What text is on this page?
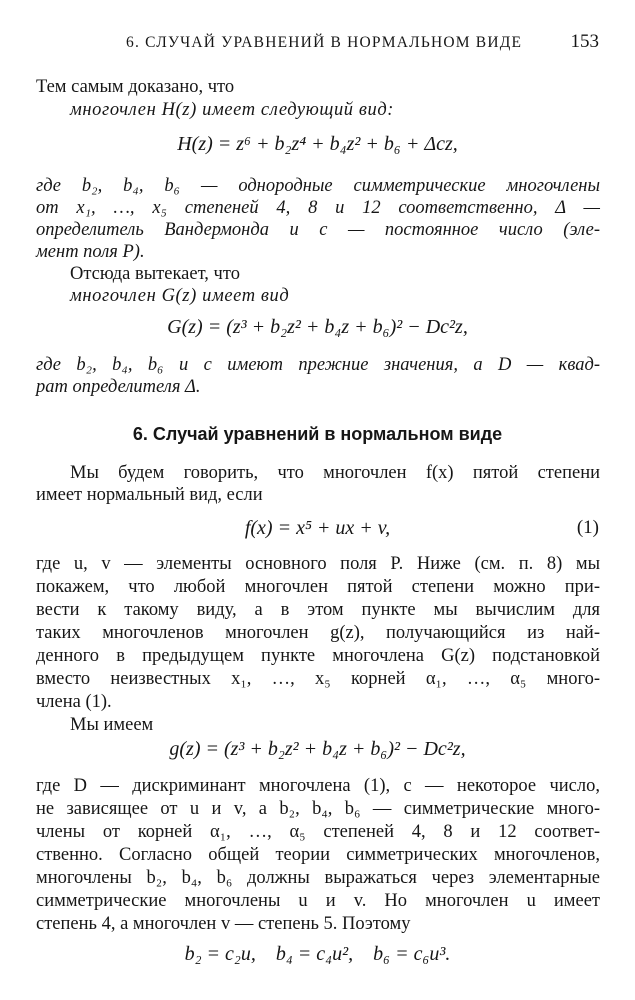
6. СЛУЧАЙ УРАВНЕНИЙ В НОРМАЛЬНОМ ВИДЕ	153
Тем самым доказано, что
многочлен H(z) имеет следующий вид:
H(z) = z⁶ + b₂z⁴ + b₄z² + b₆ + Δcz,
где b₂, b₄, b₆ — однородные симметрические многочлены
от x₁, …, x₅ степеней 4, 8 и 12 соответственно, Δ —
определитель Вандермонда и c — постоянное число (эле-
мент поля P).
Отсюда вытекает, что
многочлен G(z) имеет вид
G(z) = (z³ + b₂z² + b₄z + b₆)² − Dc²z,
где b₂, b₄, b₆ и c имеют прежние значения, а D — квад-
рат определителя Δ.
6. Случай уравнений в нормальном виде
Мы будем говорить, что многочлен f(x) пятой степени
имеет нормальный вид, если
f(x) = x⁵ + ux + v,	(1)
где u, v — элементы основного поля P. Ниже (см. п. 8) мы
покажем, что любой многочлен пятой степени можно при-
вести к такому виду, а в этом пункте мы вычислим для
таких многочленов многочлен g(z), получающийся из най-
денного в предыдущем пункте многочлена G(z) подстановкой
вместо неизвестных x₁, …, x₅ корней α₁, …, α₅ много-
члена (1).
Мы имеем
g(z) = (z³ + b₂z² + b₄z + b₆)² − Dc²z,
где D — дискриминант многочлена (1), c — некоторое число,
не зависящее от u и v, а b₂, b₄, b₆ — симметрические много-
члены от корней α₁, …, α₅ степеней 4, 8 и 12 соответ-
ственно. Согласно общей теории симметрических многочленов,
многочлены b₂, b₄, b₆ должны выражаться через элементарные
симметрические многочлены u и v. Но многочлен u имеет
степень 4, а многочлен v — степень 5. Поэтому
b₂ = c₂u,    b₄ = c₄u²,    b₆ = c₆u³.
